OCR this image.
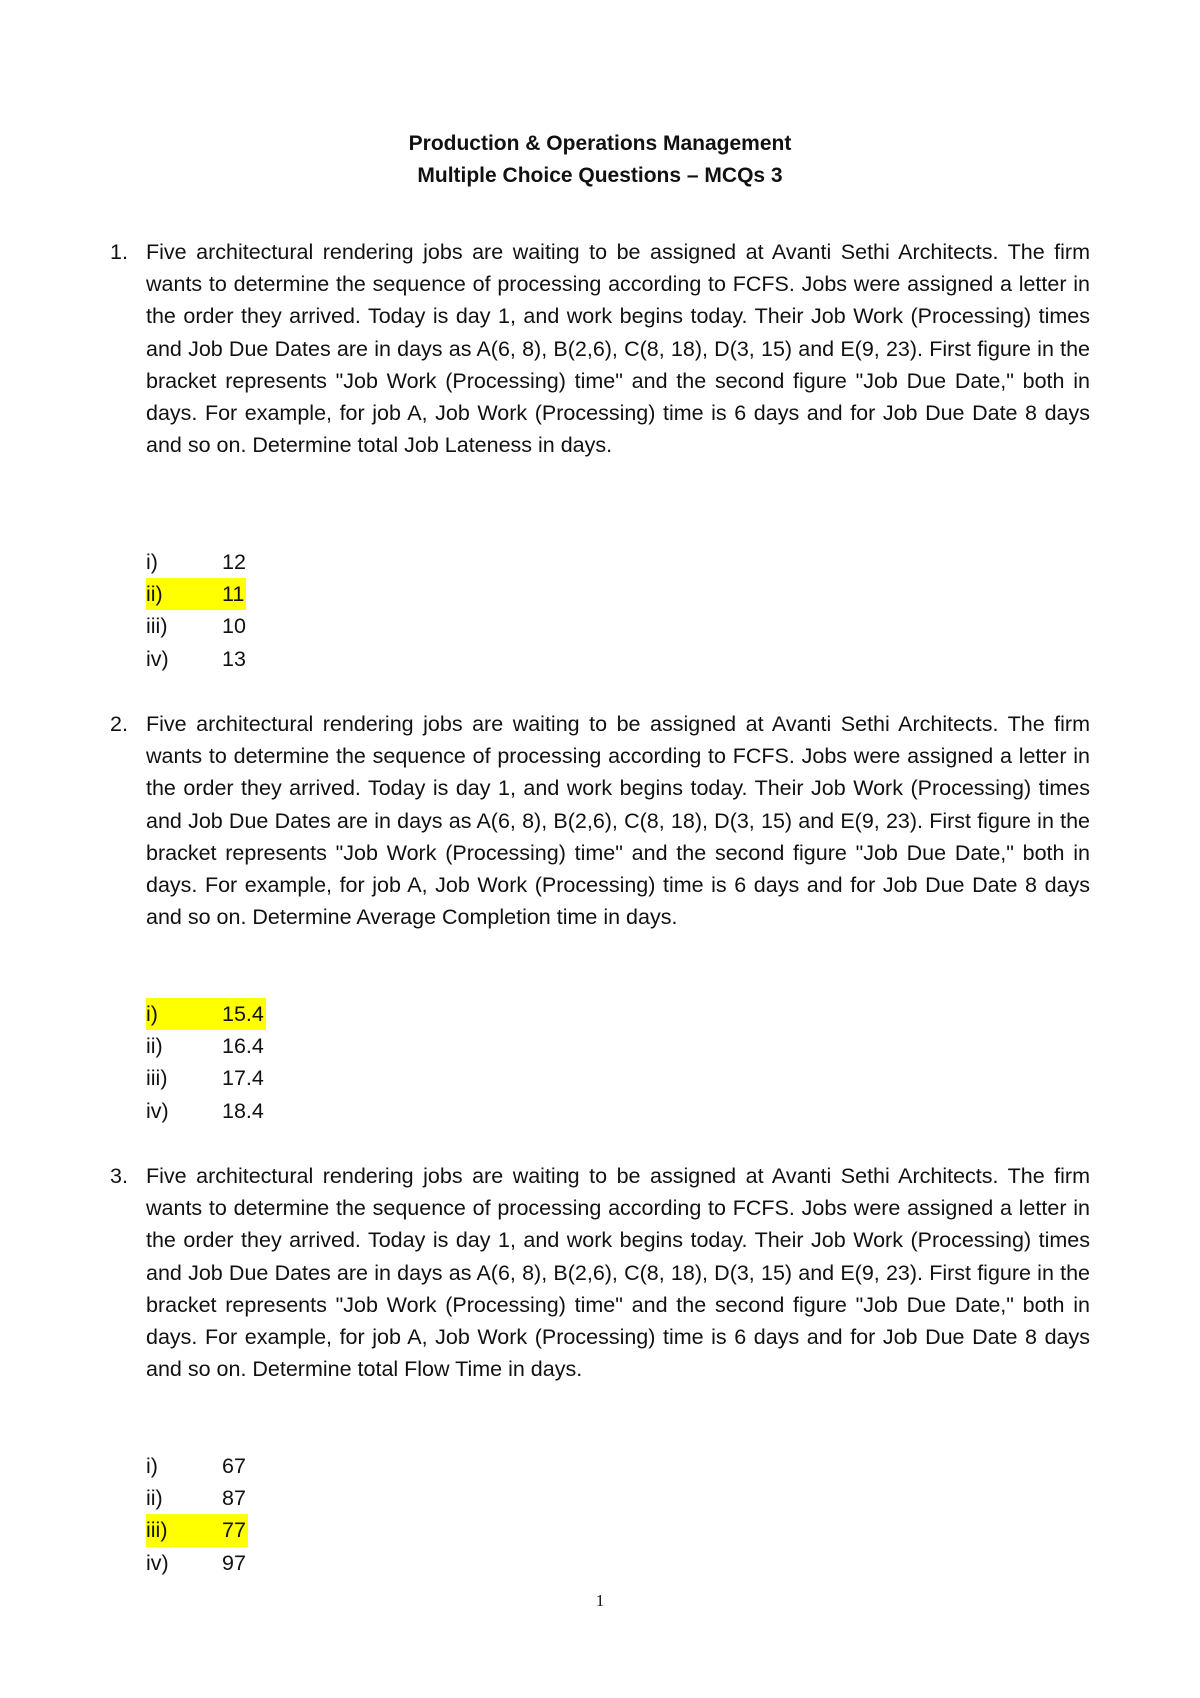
Production & Operations Management
Multiple Choice Questions – MCQs 3
1. Five architectural rendering jobs are waiting to be assigned at Avanti Sethi Architects. The firm wants to determine the sequence of processing according to FCFS. Jobs were assigned a letter in the order they arrived. Today is day 1, and work begins today. Their Job Work (Processing) times and Job Due Dates are in days as A(6, 8), B(2,6), C(8, 18), D(3, 15) and E(9, 23). First figure in the bracket represents "Job Work (Processing) time" and the second figure "Job Due Date," both in days. For example, for job A, Job Work (Processing) time is 6 days and for Job Due Date 8 days and so on. Determine total Job Lateness in days.
i)	12
ii)	11
iii)	10
iv) 13
2. Five architectural rendering jobs are waiting to be assigned at Avanti Sethi Architects. The firm wants to determine the sequence of processing according to FCFS. Jobs were assigned a letter in the order they arrived. Today is day 1, and work begins today. Their Job Work (Processing) times and Job Due Dates are in days as A(6, 8), B(2,6), C(8, 18), D(3, 15) and E(9, 23). First figure in the bracket represents "Job Work (Processing) time" and the second figure "Job Due Date," both in days. For example, for job A, Job Work (Processing) time is 6 days and for Job Due Date 8 days and so on. Determine Average Completion time in days.
i)	15.4
ii)	16.4
iii)	17.4
iv) 18.4
3. Five architectural rendering jobs are waiting to be assigned at Avanti Sethi Architects. The firm wants to determine the sequence of processing according to FCFS. Jobs were assigned a letter in the order they arrived. Today is day 1, and work begins today. Their Job Work (Processing) times and Job Due Dates are in days as A(6, 8), B(2,6), C(8, 18), D(3, 15) and E(9, 23). First figure in the bracket represents "Job Work (Processing) time" and the second figure "Job Due Date," both in days. For example, for job A, Job Work (Processing) time is 6 days and for Job Due Date 8 days and so on. Determine total Flow Time in days.
i)	67
ii)	87
iii)	77
iv) 97
1
